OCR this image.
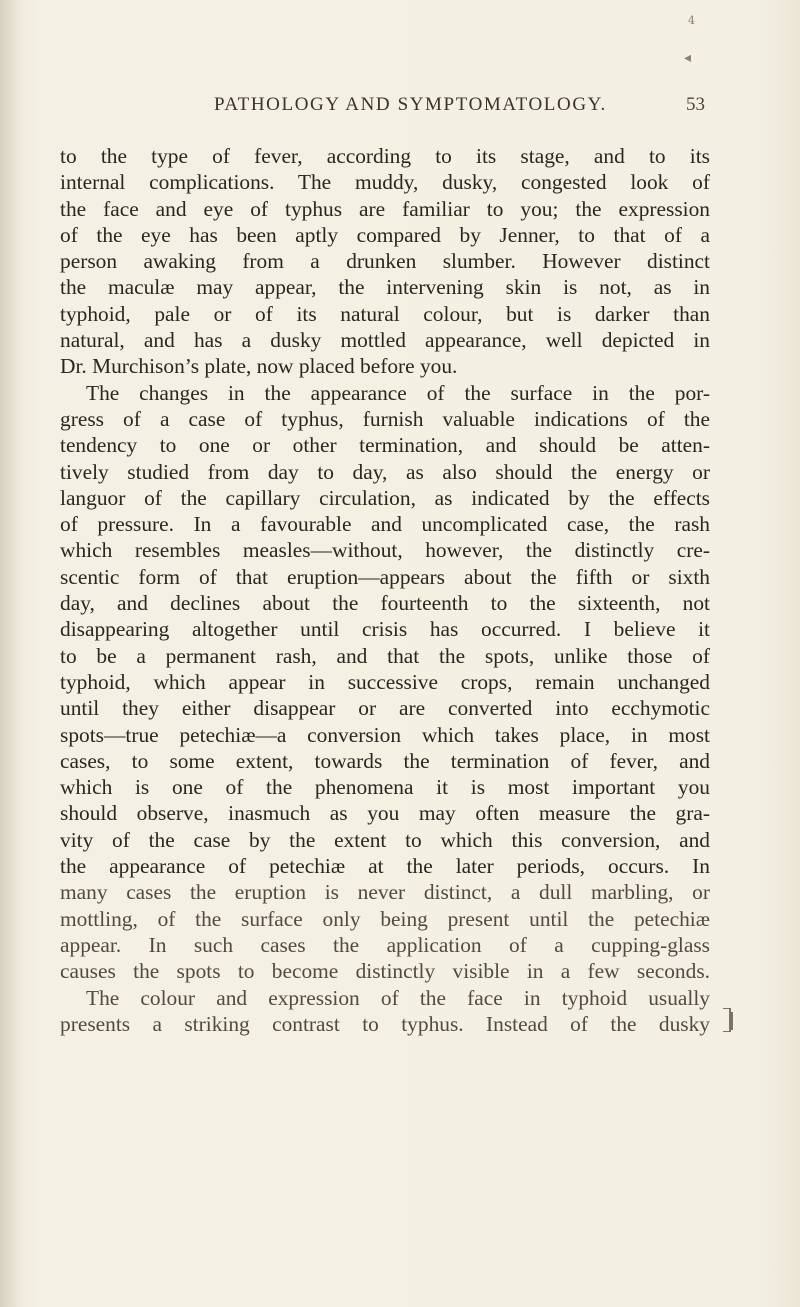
4
◂
PATHOLOGY AND SYMPTOMATOLOGY.	53
to the type of fever, according to its stage, and to its
internal complications. The muddy, dusky, congested look of
the face and eye of typhus are familiar to you; the expression
of the eye has been aptly compared by Jenner, to that of a
person awaking from a drunken slumber. However distinct
the maculæ may appear, the intervening skin is not, as in
typhoid, pale or of its natural colour, but is darker than
natural, and has a dusky mottled appearance, well depicted in
Dr. Murchison’s plate, now placed before you.
The changes in the appearance of the surface in the por-
gress of a case of typhus, furnish valuable indications of the
tendency to one or other termination, and should be atten-
tively studied from day to day, as also should the energy or
languor of the capillary circulation, as indicated by the effects
of pressure. In a favourable and uncomplicated case, the rash
which resembles measles—without, however, the distinctly cre-
scentic form of that eruption—appears about the fifth or sixth
day, and declines about the fourteenth to the sixteenth, not
disappearing altogether until crisis has occurred. I believe it
to be a permanent rash, and that the spots, unlike those of
typhoid, which appear in successive crops, remain unchanged
until they either disappear or are converted into ecchymotic
spots—true petechiæ—a conversion which takes place, in most
cases, to some extent, towards the termination of fever, and
which is one of the phenomena it is most important you
should observe, inasmuch as you may often measure the gra-
vity of the case by the extent to which this conversion, and
the appearance of petechiæ at the later periods, occurs. In
many cases the eruption is never distinct, a dull marbling, or
mottling, of the surface only being present until the petechiæ
appear. In such cases the application of a cupping-glass
causes the spots to become distinctly visible in a few seconds.
The colour and expression of the face in typhoid usually
presents a striking contrast to typhus. Instead of the dusky
